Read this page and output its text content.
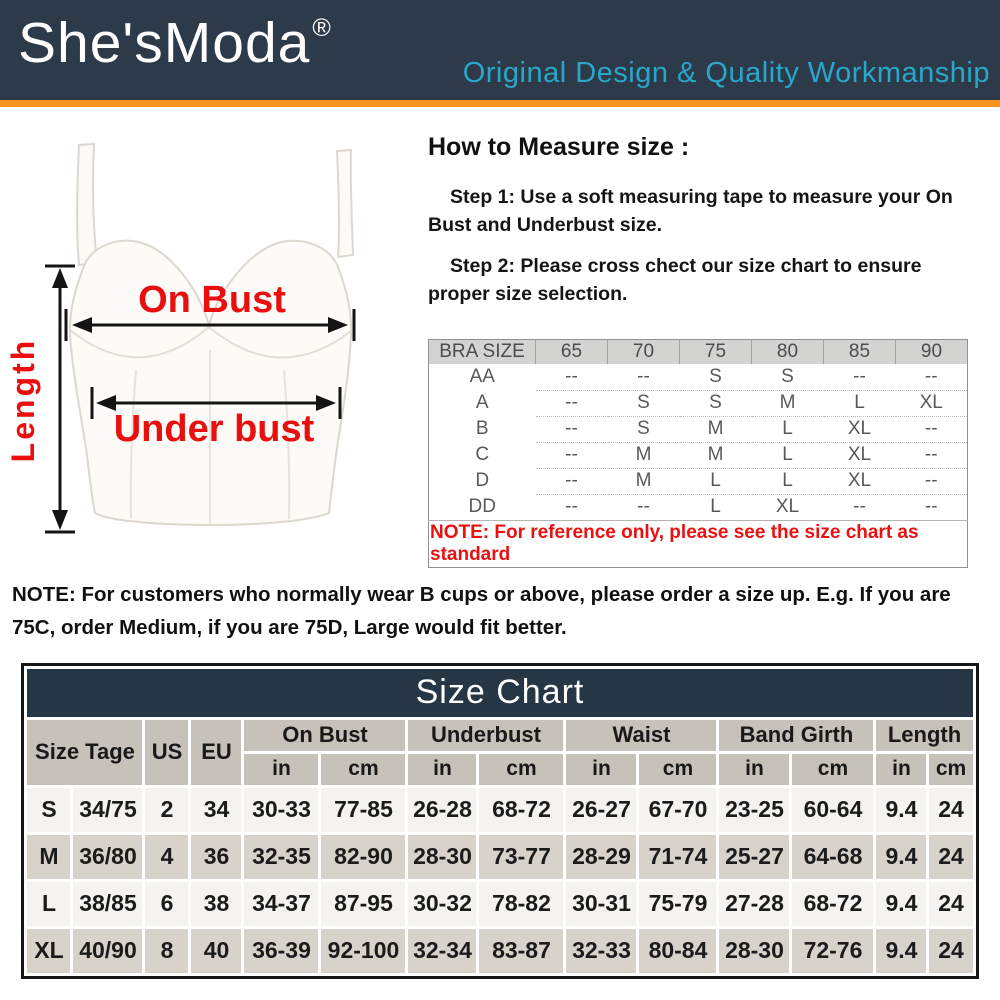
She'sModa®
Original Design & Quality Workmanship
On Bust
Under bust
Length
How to Measure size :

Step 1: Use a soft measuring tape to measure your On Bust and Underbust size.

Step 2: Please cross chect our size chart to ensure proper size selection.

BRA SIZE	65	70	75	80	85	90
AA	--	--	S	S	--	--
A	--	S	S	M	L	XL
B	--	S	M	L	XL	--
C	--	M	M	L	XL	--
D	--	M	L	L	XL	--
DD	--	--	L	XL	--	--
NOTE: For reference only, please see the size chart as standard						

NOTE: For customers who normally wear B cups or above, please order a size up. E.g. If you are 75C, order Medium, if you are 75D, Large would fit better.

Size Chart													
Size Tage		US	EU	On Bust		Underbust		Waist		Band Girth		Length	
				in	cm	in	cm	in	cm	in	cm	in	cm
S	34/75	2	34	30-33	77-85	26-28	68-72	26-27	67-70	23-25	60-64	9.4	24
M	36/80	4	36	32-35	82-90	28-30	73-77	28-29	71-74	25-27	64-68	9.4	24
L	38/85	6	38	34-37	87-95	30-32	78-82	30-31	75-79	27-28	68-72	9.4	24
XL	40/90	8	40	36-39	92-100	32-34	83-87	32-33	80-84	28-30	72-76	9.4	24
